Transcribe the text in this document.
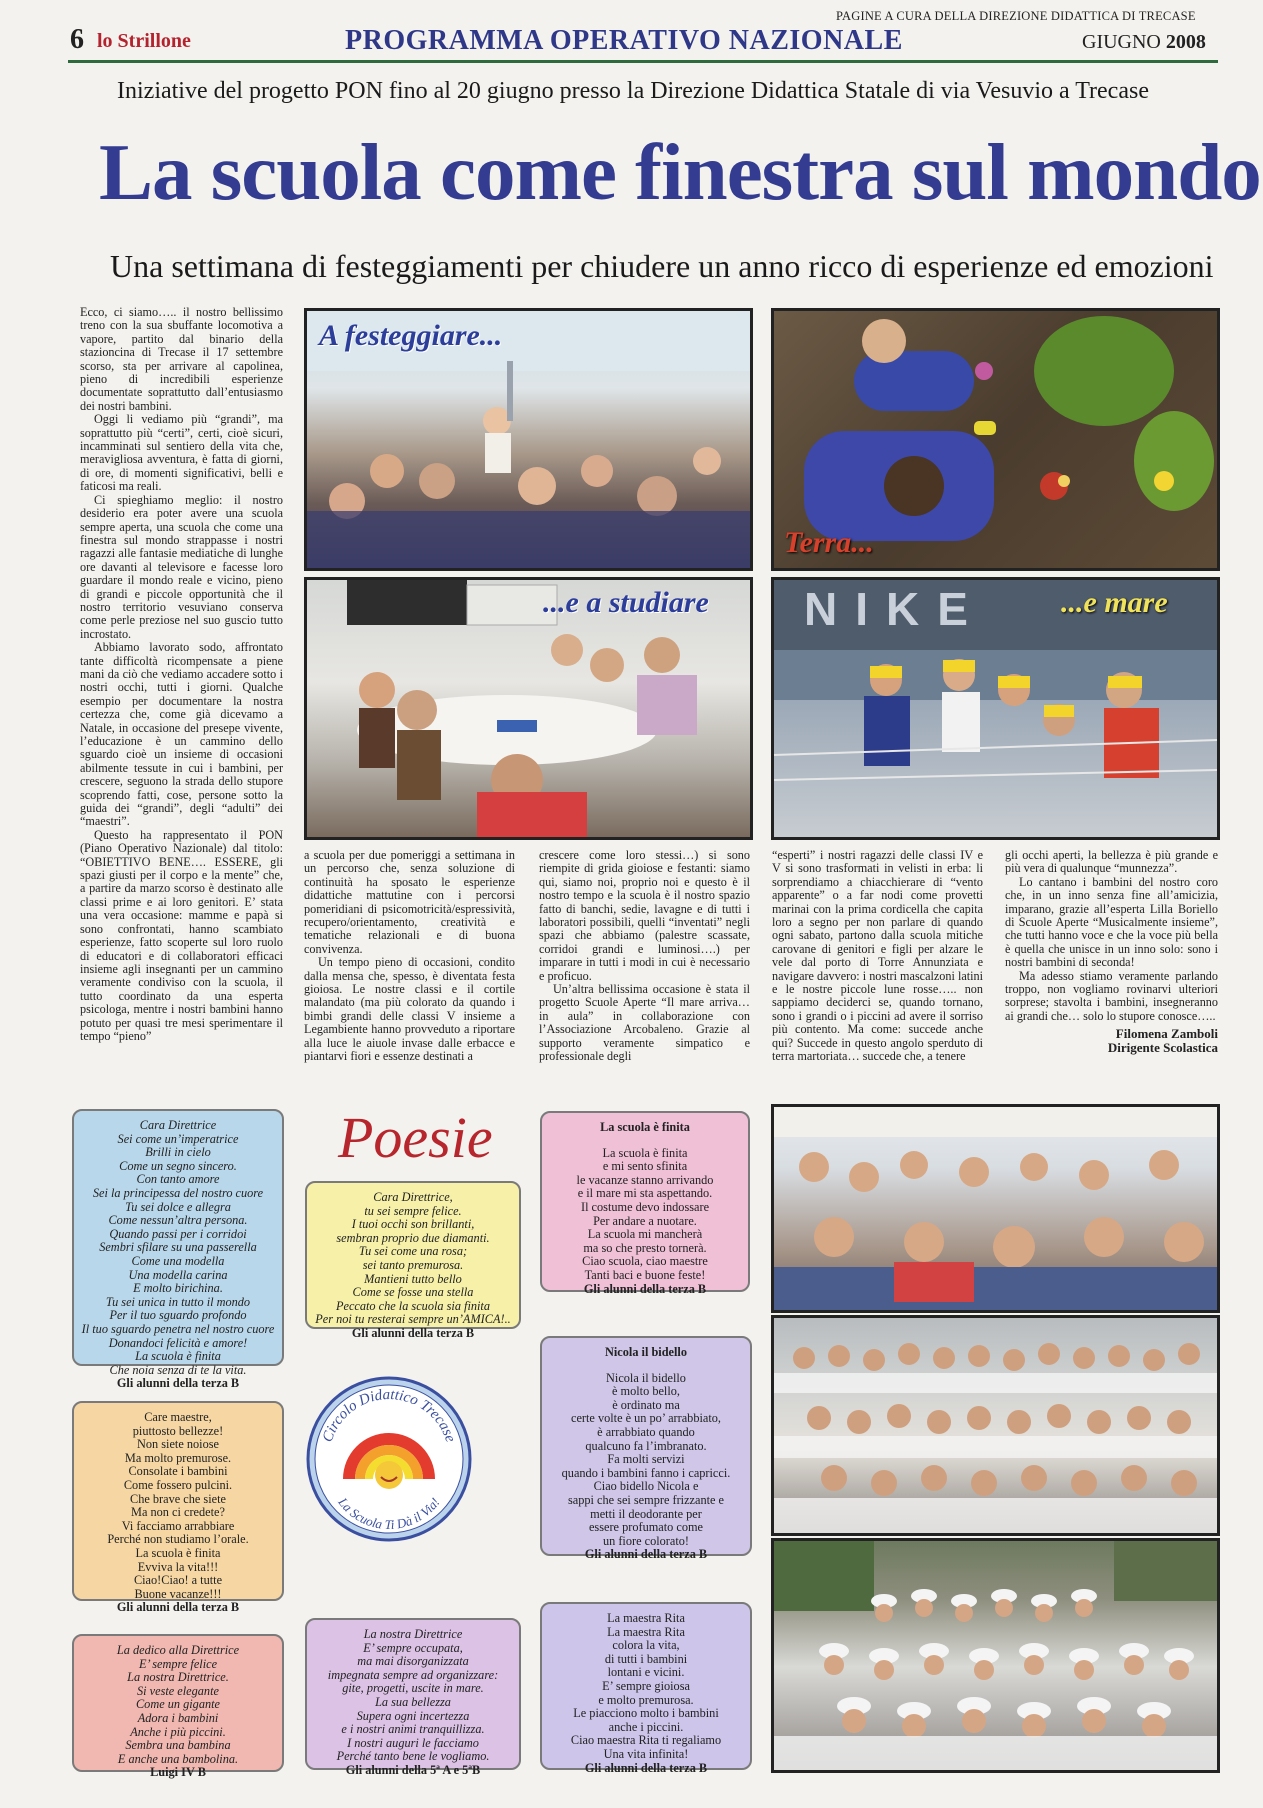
PAGINE A CURA DELLA DIREZIONE DIDATTICA DI TRECASE
6 lo Strillone	PROGRAMMA OPERATIVO NAZIONALE	GIUGNO 2008
Iniziative del progetto PON fino al 20 giugno presso la Direzione Didattica Statale di via Vesuvio a Trecase
La scuola come finestra sul mondo
Una settimana di festeggiamenti per chiudere un anno ricco di esperienze ed emozioni

Ecco, ci siamo….. il nostro bellissimo treno con la sua sbuffante locomotiva a vapore, partito dal binario della stazioncina di Trecase il 17 settembre scorso, sta per arrivare al capolinea, pieno di incredibili esperienze documentate soprattutto dall’entusiasmo dei nostri bambini.

Oggi li vediamo più “grandi”, ma soprattutto più “certi”, certi, cioè sicuri, incamminati sul sentiero della vita che, meravigliosa avventura, è fatta di giorni, di ore, di momenti significativi, belli e faticosi ma reali.

Ci spieghiamo meglio: il nostro desiderio era poter avere una scuola sempre aperta, una scuola che come una finestra sul mondo strappasse i nostri ragazzi alle fantasie mediatiche di lunghe ore davanti al televisore e facesse loro guardare il mondo reale e vicino, pieno di grandi e piccole opportunità che il nostro territorio vesuviano conserva come perle preziose nel suo guscio tutto incrostato.

Abbiamo lavorato sodo, affrontato tante difficoltà ricompensate a piene mani da ciò che vediamo accadere sotto i nostri occhi, tutti i giorni. Qualche esempio per documentare la nostra certezza che, come già dicevamo a Natale, in occasione del presepe vivente, l’educazione è un cammino dello sguardo cioè un insieme di occasioni abilmente tessute in cui i bambini, per crescere, seguono la strada dello stupore scoprendo fatti, cose, persone sotto la guida dei “grandi”, degli “adulti” dei “maestri”.

Questo ha rappresentato il PON (Piano Operativo Nazionale) dal titolo: “OBIETTIVO BENE…. ESSERE, gli spazi giusti per il corpo e la mente” che, a partire da marzo scorso è destinato alle classi prime e ai loro genitori. E’ stata una vera occasione: mamme e papà si sono confrontati, hanno scambiato esperienze, fatto scoperte sul loro ruolo di educatori e di collaboratori efficaci insieme agli insegnanti per un cammino veramente condiviso con la scuola, il tutto coordinato da una esperta psicologa, mentre i nostri bambini hanno potuto per quasi tre mesi sperimentare il tempo “pieno”

A festeggiare...
Terra...
...e a studiare NIKE	...e mare

a scuola per due pomeriggi a settimana in un percorso che, senza soluzione di continuità ha sposato le esperienze didattiche mattutine con i percorsi pomeridiani di psicomotricità/espressività, recupero/orientamento, creatività e tematiche relazionali e di buona convivenza.

Un tempo pieno di occasioni, condito dalla mensa che, spesso, è diventata festa gioiosa. Le nostre classi e il cortile malandato (ma più colorato da quando i bimbi grandi delle classi V insieme a Legambiente hanno provveduto a riportare alla luce le aiuole invase dalle erbacce e piantarvi fiori e essenze destinati a

crescere come loro stessi…) si sono riempite di grida gioiose e festanti: siamo qui, siamo noi, proprio noi e questo è il nostro tempo e la scuola è il nostro spazio fatto di banchi, sedie, lavagne e di tutti i laboratori possibili, quelli “inventati” negli spazi che abbiamo (palestre scassate, corridoi grandi e luminosi….) per imparare in tutti i modi in cui è necessario e proficuo.

Un’altra bellissima occasione è stata il progetto Scuole Aperte “Il mare arriva… in aula” in collaborazione con l’Associazione Arcobaleno. Grazie al supporto veramente simpatico e professionale degli

“esperti” i nostri ragazzi delle classi IV e V si sono trasformati in velisti in erba: li sorprendiamo a chiacchierare di “vento apparente” o a far nodi come provetti marinai con la prima cordicella che capita loro a segno per non parlare di quando ogni sabato, partono dalla scuola mitiche carovane di genitori e figli per alzare le vele dal porto di Torre Annunziata e navigare davvero: i nostri mascalzoni latini e le nostre piccole lune rosse….. non sappiamo deciderci se, quando tornano, sono i grandi o i piccini ad avere il sorriso più contento. Ma come: succede anche qui? Succede in questo angolo sperduto di terra martoriata… succede che, a tenere

gli occhi aperti, la bellezza è più grande e più vera di qualunque “munnezza”.

Lo cantano i bambini del nostro coro che, in un inno senza fine all’amicizia, imparano, grazie all’esperta Lilla Boriello di Scuole Aperte “Musicalmente insieme”, che tutti hanno voce e che la voce più bella è quella che unisce in un inno solo: sono i nostri bambini di seconda!

Ma adesso stiamo veramente parlando troppo, non vogliamo rovinarvi ulteriori sorprese; stavolta i bambini, insegneranno ai grandi che… solo lo stupore conosce…..

Filomena Zamboli
Dirigente Scolastica
Poesie
Cara Direttrice
Sei come un’imperatrice
Brilli in cielo
Come un segno sincero.
Con tanto amore
Sei la principessa del nostro cuore
Tu sei dolce e allegra
Come nessun’altra persona.
Quando passi per i corridoi
Sembri sfilare su una passerella
Come una modella
Una modella carina
E molto birichina.
Tu sei unica in tutto il mondo
Per il tuo sguardo profondo
Il tuo sguardo penetra nel nostro cuore
Donandoci felicità e amore!
La scuola è finita
Che noia senza di te la vita.
Gli alunni della terza B
Cara Direttrice,
tu sei sempre felice.
I tuoi occhi son brillanti,
sembran proprio due diamanti.
Tu sei come una rosa;
sei tanto premurosa.
Mantieni tutto bello
Come se fosse una stella
Peccato che la scuola sia finita
Per noi tu resterai sempre un’AMICA!..
Gli alunni della terza B
La scuola è finita
La scuola è finita
e mi sento sfinita
le vacanze stanno arrivando
e il mare mi sta aspettando.
Il costume devo indossare
Per andare a nuotare.
La scuola mi mancherà
ma so che presto tornerà.
Ciao scuola, ciao maestre
Tanti baci e buone feste!
Gli alunni della terza B
Care maestre,
piuttosto bellezze!
Non siete noiose
Ma molto premurose.
Consolate i bambini
Come fossero pulcini.
Che brave che siete
Ma non ci credete?
Vi facciamo arrabbiare
Perché non studiamo l’orale.
La scuola è finita
Evviva la vita!!!
Ciao!Ciao! a tutte
Buone vacanze!!!
Gli alunni della terza B
Nicola il bidello
Nicola il bidello
è molto bello,
è ordinato ma
certe volte è un po’ arrabbiato,
è arrabbiato quando
qualcuno fa l’imbranato.
Fa molti servizi
quando i bambini fanno i capricci.
Ciao bidello Nicola e
sappi che sei sempre frizzante e
metti il deodorante per
essere profumato come
un fiore colorato!
Gli alunni della terza B
La dedico alla Direttrice
E’ sempre felice
La nostra Direttrice.
Si veste elegante
Come un gigante
Adora i bambini
Anche i più piccini.
Sembra una bambina
E anche una bambolina.
Luigi IV B
La nostra Direttrice
E’ sempre occupata,
ma mai disorganizzata
impegnata sempre ad organizzare:
gite, progetti, uscite in mare.
La sua bellezza
Supera ogni incertezza
e i nostri animi tranquillizza.
I nostri auguri le facciamo
Perché tanto bene le vogliamo.
Gli alunni della 5ª A e 5ªB
La maestra Rita
La maestra Rita
colora la vita,
di tutti i bambini
lontani e vicini.
E’ sempre gioiosa
e molto premurosa.
Le piacciono molto i bambini
anche i piccini.
Ciao maestra Rita ti regaliamo
Una vita infinita!
Gli alunni della terza B
Circolo Didattico Trecase
La Scuola Ti Dà il Via!
